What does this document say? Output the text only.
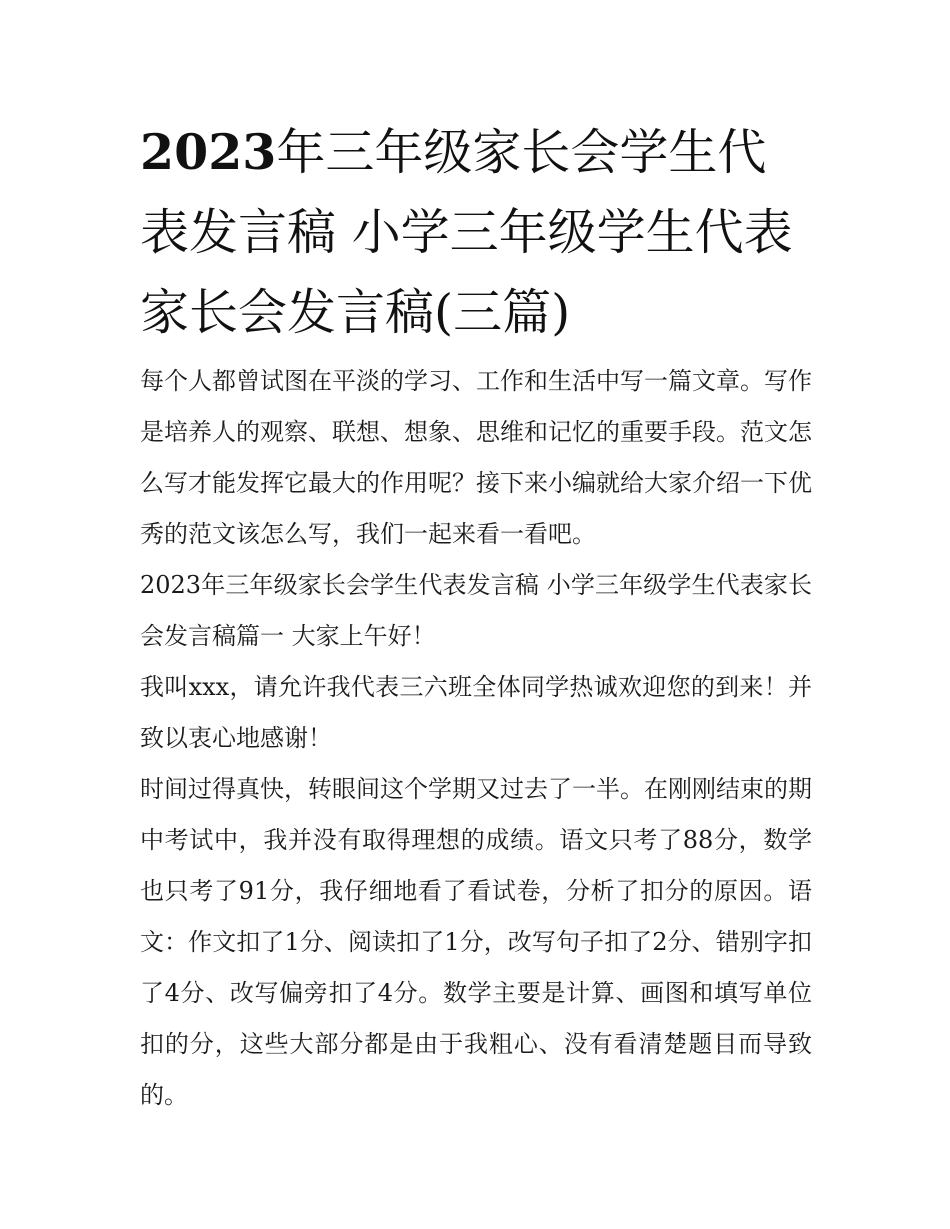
2023年三年级家长会学生代表发言稿 小学三年级学生代表家长会发言稿(三篇)

每个人都曾试图在平淡的学习、工作和生活中写一篇文章。写作是培养人的观察、联想、想象、思维和记忆的重要手段。范文怎么写才能发挥它最大的作用呢？接下来小编就给大家介绍一下优秀的范文该怎么写，我们一起来看一看吧。

2023年三年级家长会学生代表发言稿 小学三年级学生代表家长会发言稿篇一 大家上午好！

我叫xxx，请允许我代表三六班全体同学热诚欢迎您的到来！并致以衷心地感谢！

时间过得真快，转眼间这个学期又过去了一半。在刚刚结束的期中考试中，我并没有取得理想的成绩。语文只考了88分，数学也只考了91分，我仔细地看了看试卷，分析了扣分的原因。语文：作文扣了1分、阅读扣了1分，改写句子扣了2分、错别字扣了4分、改写偏旁扣了4分。数学主要是计算、画图和填写单位扣的分，这些大部分都是由于我粗心、没有看清楚题目而导致的。
